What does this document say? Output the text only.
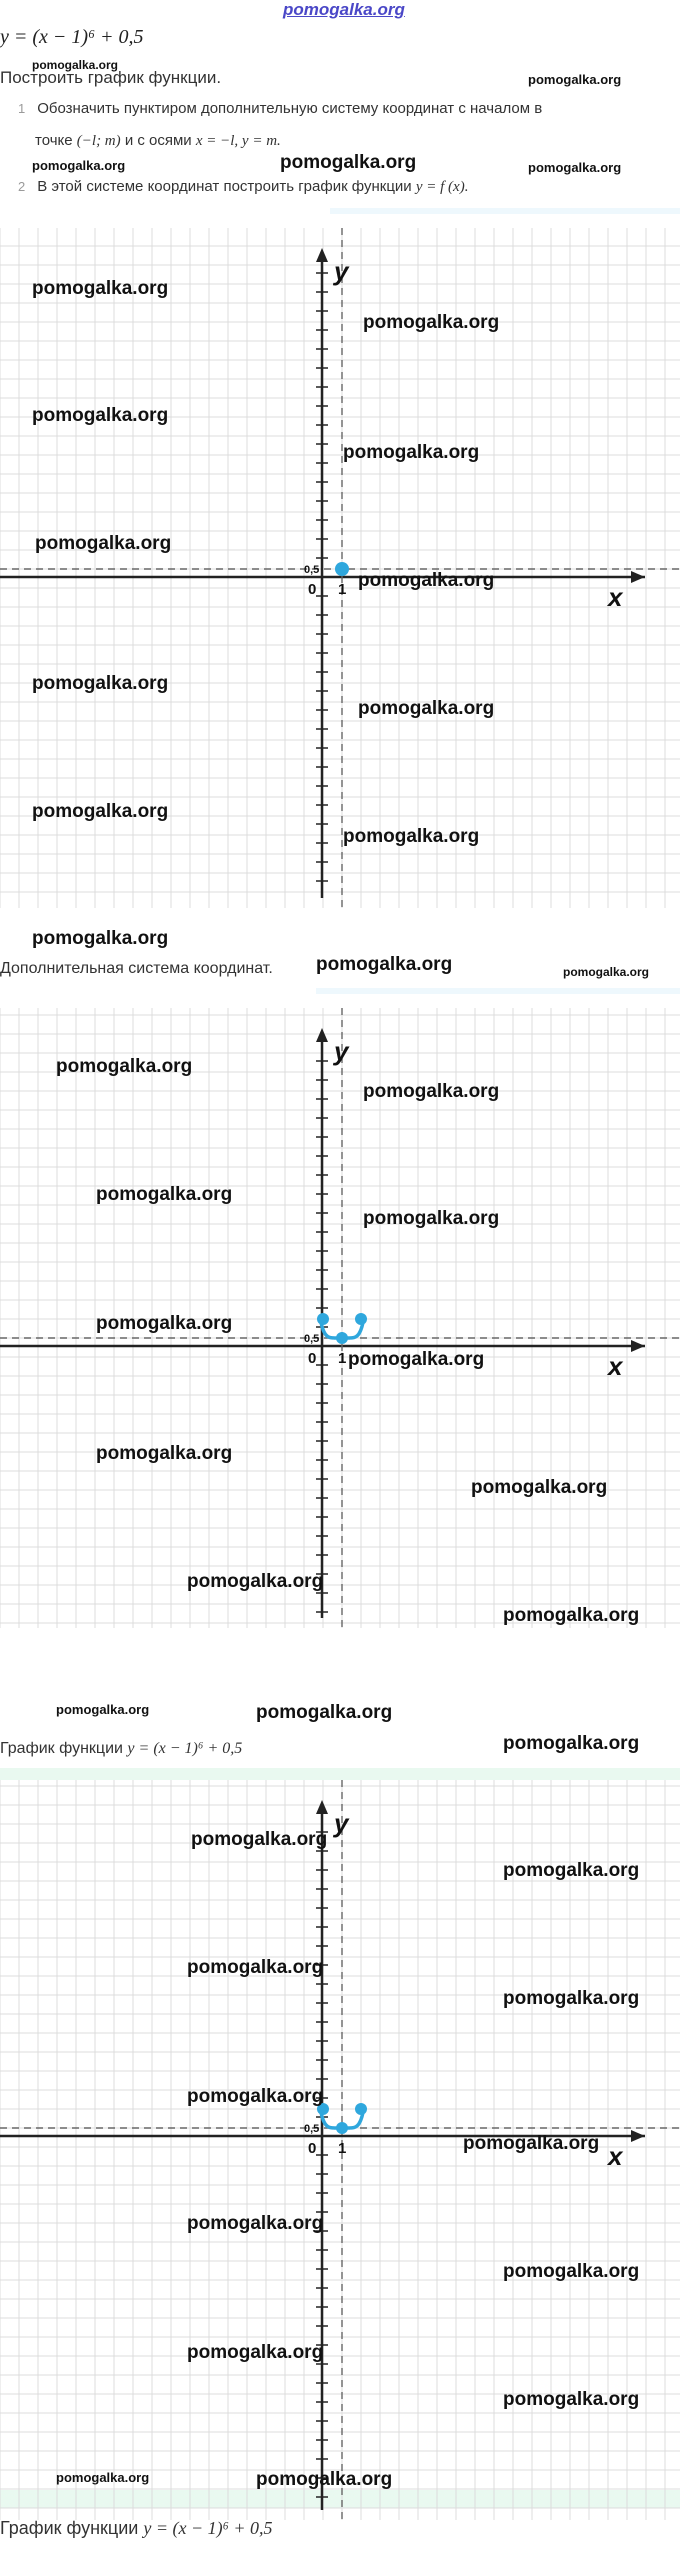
pomogalka.org
y = (x − 1)⁶ + 0,5
pomogalka.org
Построить график функции.	pomogalka.org
1 Обозначить пунктиром дополнительную систему координат с началом в
точке (−l; m) и с осями x = −l, y = m.
pomogalka.org	pomogalka.org	pomogalka.org
2 В этой системе координат построить график функции y = f (x).
y
x
0,5
0 1
pomogalka.org
pomogalka.org
pomogalka.org
pomogalka.org
pomogalka.org
pomogalka.org
pomogalka.org
pomogalka.org
pomogalka.org
pomogalka.org
pomogalka.org
Дополнительная система координат. pomogalka.org	pomogalka.org
y
x
0,5
0 1
pomogalka.org
pomogalka.org
pomogalka.org
pomogalka.org
pomogalka.org
pomogalka.org
pomogalka.org
pomogalka.org
pomogalka.org
pomogalka.org
pomogalka.org	pomogalka.org
График функции y = (x − 1)⁶ + 0,5	pomogalka.org
y
x
0,5
0 1
pomogalka.org
pomogalka.org
pomogalka.org
pomogalka.org
pomogalka.org
pomogalka.org
pomogalka.org
pomogalka.org
pomogalka.org
pomogalka.org
pomogalka.org	pomogalka.org
График функции y = (x − 1)⁶ + 0,5
